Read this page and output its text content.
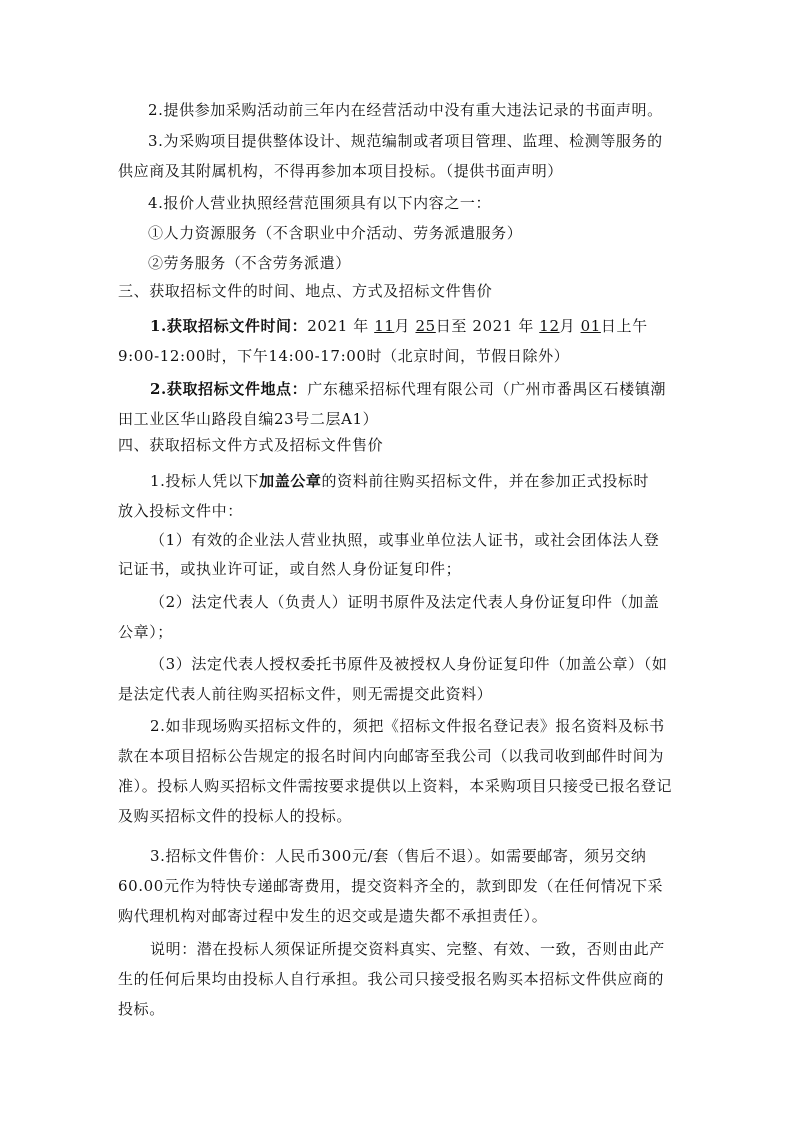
2.提供参加采购活动前三年内在经营活动中没有重大违法记录的书面声明。
3.为采购项目提供整体设计、规范编制或者项目管理、监理、检测等服务的
供应商及其附属机构，不得再参加本项目投标。（提供书面声明）
4.报价人营业执照经营范围须具有以下内容之一：
①人力资源服务（不含职业中介活动、劳务派遣服务）
②劳务服务（不含劳务派遣）
三、获取招标文件的时间、地点、方式及招标文件售价
1.获取招标文件时间：2021 年 11月 25日至 2021 年 12月 01日上午
9:00-12:00时，下午14:00-17:00时（北京时间，节假日除外）
2.获取招标文件地点：广东穗采招标代理有限公司（广州市番禺区石楼镇潮
田工业区华山路段自编23号二层A1）
四、获取招标文件方式及招标文件售价
1.投标人凭以下加盖公章的资料前往购买招标文件，并在参加正式投标时
放入投标文件中：
（1）有效的企业法人营业执照，或事业单位法人证书，或社会团体法人登
记证书，或执业许可证，或自然人身份证复印件；
（2）法定代表人（负责人）证明书原件及法定代表人身份证复印件（加盖
公章）；
（3）法定代表人授权委托书原件及被授权人身份证复印件（加盖公章）（如
是法定代表人前往购买招标文件，则无需提交此资料）
2.如非现场购买招标文件的，须把《招标文件报名登记表》报名资料及标书
款在本项目招标公告规定的报名时间内向邮寄至我公司（以我司收到邮件时间为
准）。投标人购买招标文件需按要求提供以上资料，本采购项目只接受已报名登记
及购买招标文件的投标人的投标。
3.招标文件售价：人民币300元/套（售后不退）。如需要邮寄，须另交纳
60.00元作为特快专递邮寄费用，提交资料齐全的，款到即发（在任何情况下采
购代理机构对邮寄过程中发生的迟交或是遗失都不承担责任）。
说明：潜在投标人须保证所提交资料真实、完整、有效、一致，否则由此产
生的任何后果均由投标人自行承担。我公司只接受报名购买本招标文件供应商的
投标。
